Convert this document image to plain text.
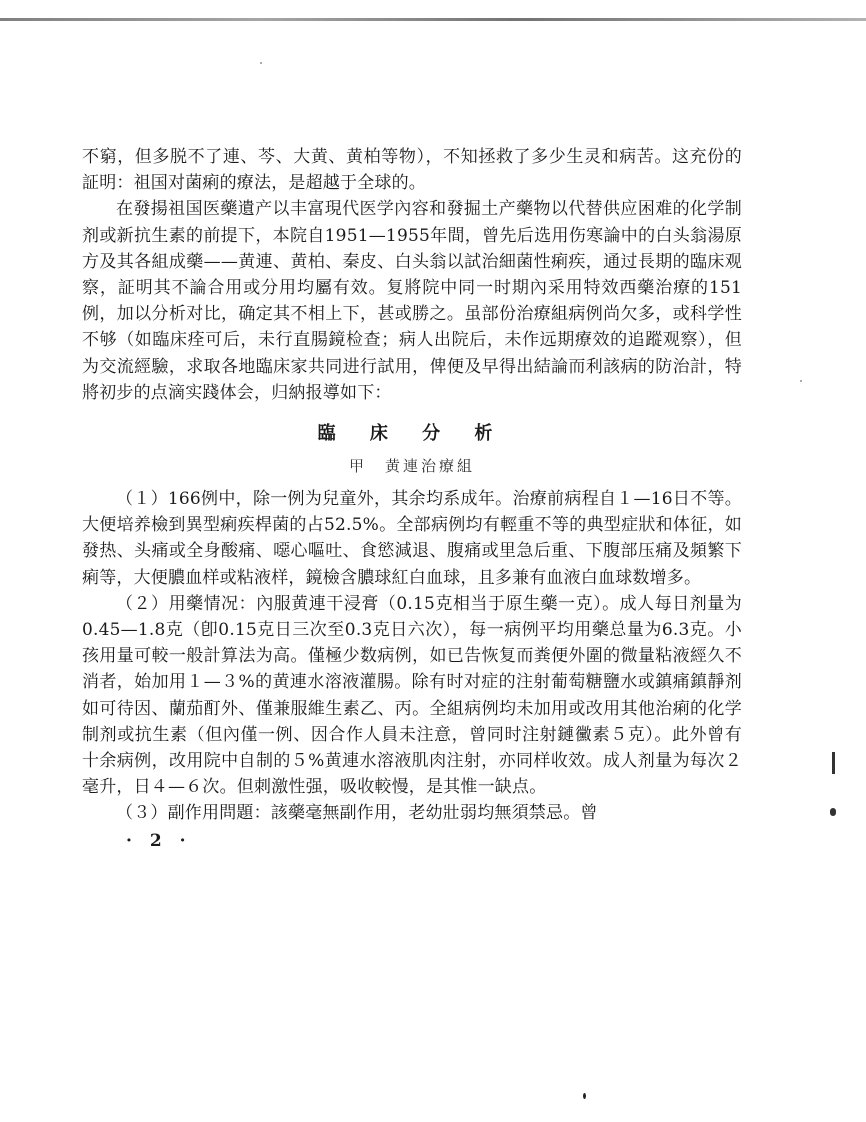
不窮，但多脱不了連、芩、大黄、黄柏等物），不知拯救了多少生灵和病苦。这充份的証明：祖国对菌痢的療法，是超越于全球的。

在發揚祖国医藥遺产以丰富現代医学內容和發掘土产藥物以代替供应困难的化学制剂或新抗生素的前提下，本院自1951—1955年間，曾先后选用伤寒論中的白头翁湯原方及其各組成藥——黄連、黄柏、秦皮、白头翁以試治細菌性痢疾，通过長期的臨床观察，証明其不論合用或分用均屬有效。复將院中同一时期內采用特效西藥治療的151例，加以分析对比，确定其不相上下，甚或勝之。虽部份治療組病例尚欠多，或科学性不够（如臨床痊可后，未行直腸鏡检查；病人出院后，未作远期療效的追蹤观察），但为交流經驗，求取各地臨床家共同进行試用，俾便及早得出結論而利該病的防治計，特將初步的点滴实踐体会，归納报導如下：

臨 床 分 析
甲　黄連治療組

（１）166例中，除一例为兒童外，其余均系成年。治療前病程自１—16日不等。大便培养檢到異型痢疾桿菌的占52.5%。全部病例均有輕重不等的典型症狀和体征，如發热、头痛或全身酸痛、噁心嘔吐、食慾減退、腹痛或里急后重、下腹部压痛及頻繁下痢等，大便膿血样或粘液样，鏡檢含膿球紅白血球，且多兼有血液白血球数增多。

（２）用藥情况：內服黄連干浸膏（0.15克相当于原生藥一克）。成人每日剂量为0.45—1.8克（卽0.15克日三次至0.3克日六次），每一病例平均用藥总量为6.3克。小孩用量可較一般計算法为高。僅極少数病例，如已告恢复而粪便外圍的微量粘液經久不消者，始加用１—３%的黄連水溶液灌腸。除有时对症的注射葡萄糖鹽水或鎮痛鎮靜剂如可待因、蘭茄酊外、僅兼服維生素乙、丙。全組病例均未加用或改用其他治痢的化学制剂或抗生素（但內僅一例、因合作人員未注意，曾同时注射鏈黴素５克）。此外曾有十余病例，改用院中自制的５%黄連水溶液肌肉注射，亦同样收效。成人剂量为每次２毫升，日４—６次。但刺激性强，吸收較慢，是其惟一缺点。

（３）副作用問題：該藥毫無副作用，老幼壯弱均無須禁忌。曾

· 2 ·
